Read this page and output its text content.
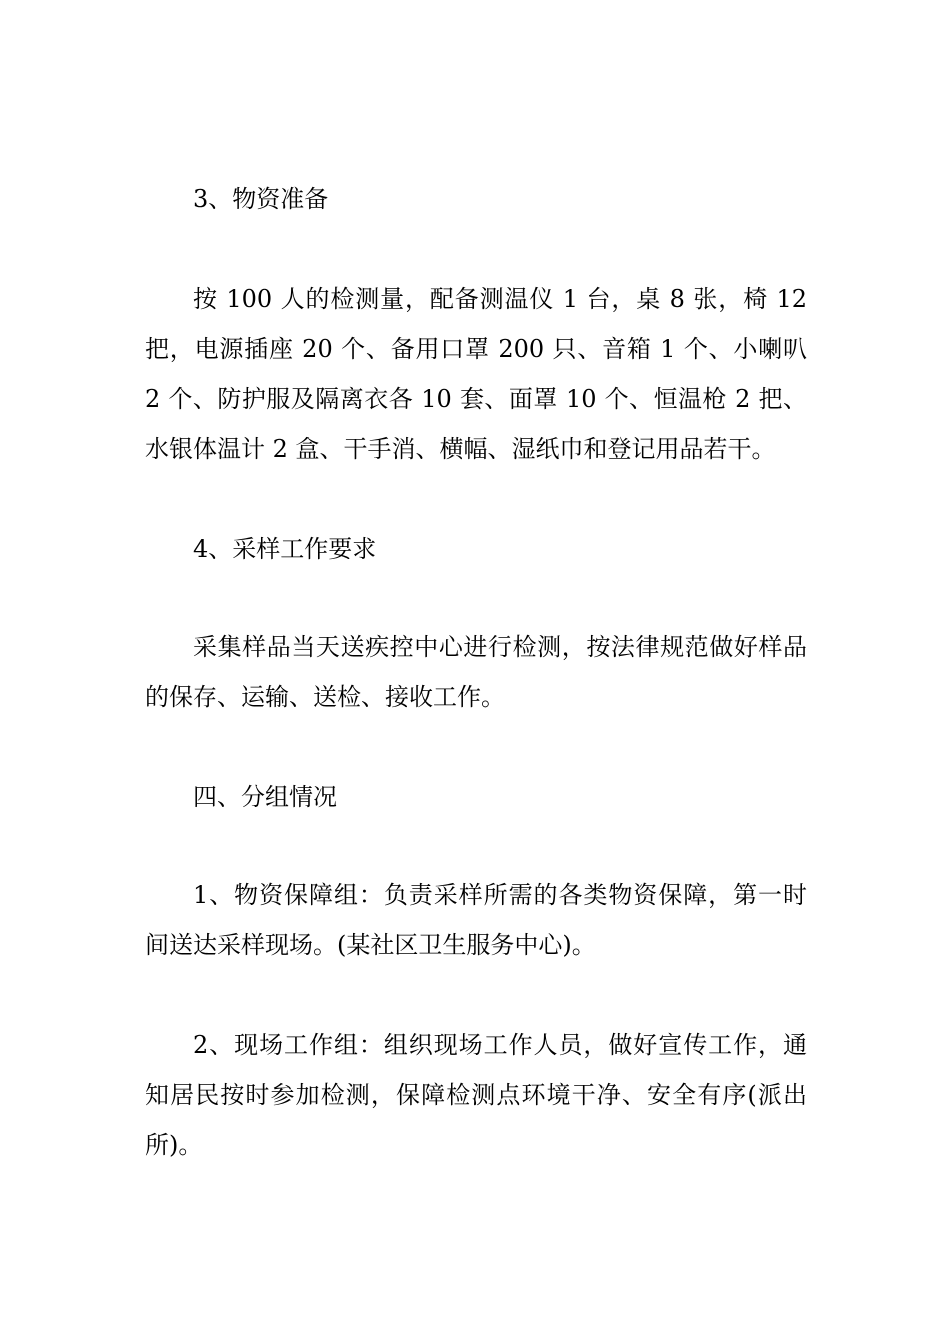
3、物资准备

按 100 人的检测量，配备测温仪 1 台，桌 8 张，椅 12 把，电源插座 20 个、备用口罩 200 只、音箱 1 个、小喇叭 2 个、防护服及隔离衣各 10 套、面罩 10 个、恒温枪 2 把、水银体温计 2 盒、干手消、横幅、湿纸巾和登记用品若干。

4、采样工作要求

采集样品当天送疾控中心进行检测，按法律规范做好样品的保存、运输、送检、接收工作。

四、分组情况

1、物资保障组：负责采样所需的各类物资保障，第一时间送达采样现场。(某社区卫生服务中心)。

2、现场工作组：组织现场工作人员，做好宣传工作，通知居民按时参加检测，保障检测点环境干净、安全有序(派出所)。
